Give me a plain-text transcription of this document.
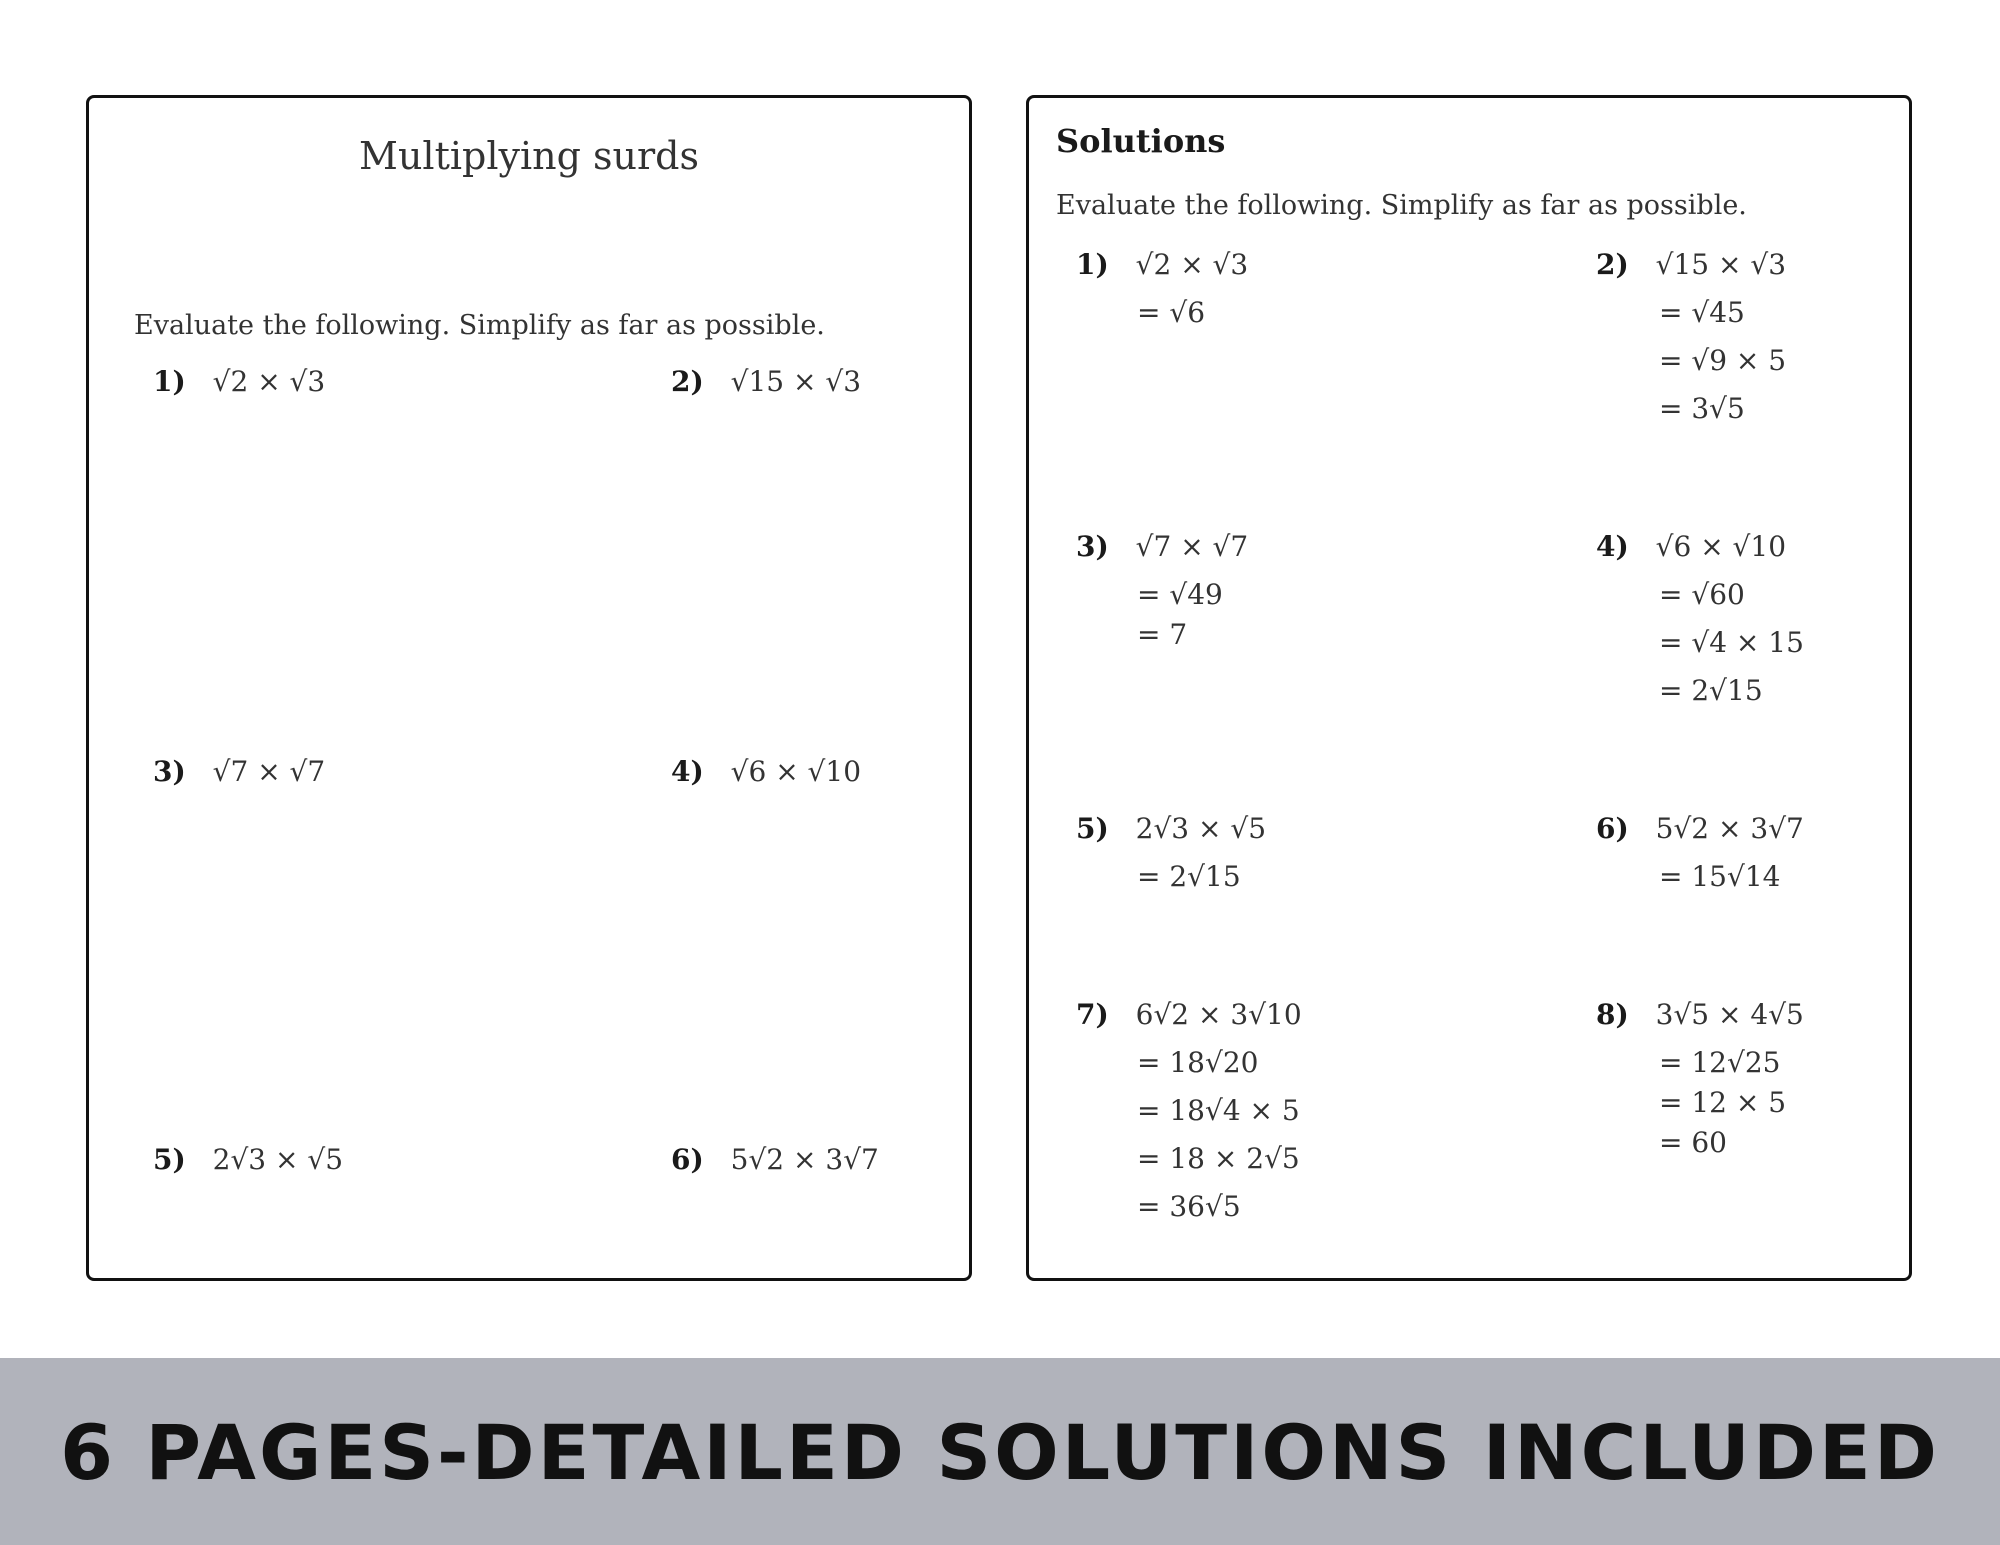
Multiplying surds
Evaluate the following. Simplify as far as possible.
1) √2 × √3	2) √15 × √3
3) √7 × √7	4) √6 × √10
5) 2√3 × √5	6) 5√2 × 3√7
Solutions
Evaluate the following. Simplify as far as possible.
1) √2 × √3
= √6
2) √15 × √3
= √45
= √9 × 5
= 3√5
3) √7 × √7
= √49
= 7
4) √6 × √10
= √60
= √4 × 15
= 2√15
5) 2√3 × √5
= 2√15
6) 5√2 × 3√7
= 15√14
7) 6√2 × 3√10
= 18√20
= 18√4 × 5
= 18 × 2√5
= 36√5
8) 3√5 × 4√5
= 12√25
= 12 × 5
= 60
6 PAGES-DETAILED SOLUTIONS INCLUDED
